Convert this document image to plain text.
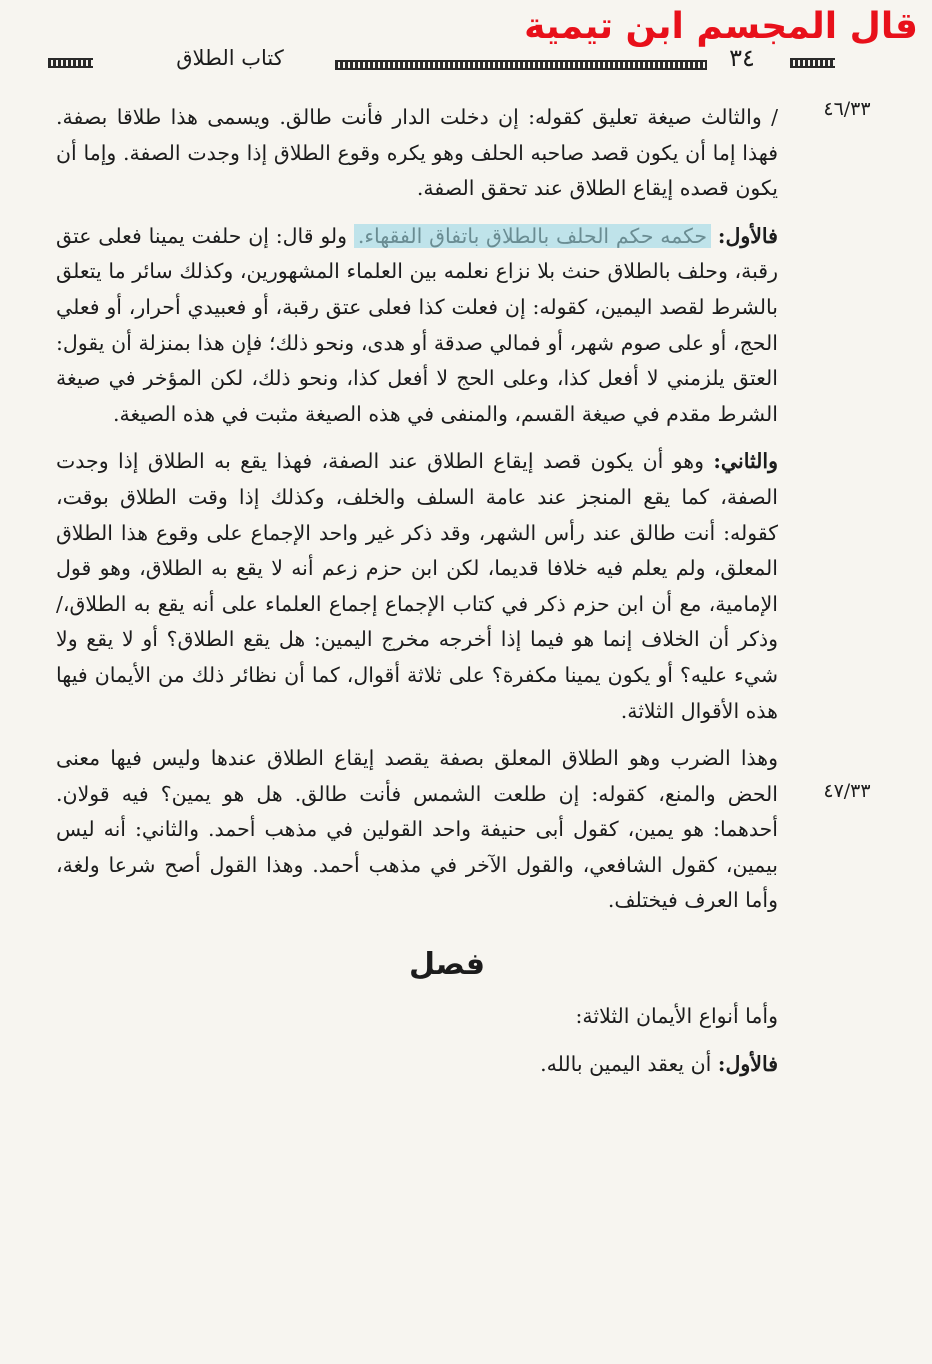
قال المجسم ابن تيمية
كتاب الطلاق	٣٤
٤٦/٣٣
٤٧/٣٣

/ والثالث صيغة تعليق كقوله: إن دخلت الدار فأنت طالق. ويسمى هذا طلاقا بصفة. فهذا إما أن يكون قصد صاحبه الحلف وهو يكره وقوع الطلاق إذا وجدت الصفة. وإما أن يكون قصده إيقاع الطلاق عند تحقق الصفة.

فالأول: حكمه حكم الحلف بالطلاق باتفاق الفقهاء. ولو قال: إن حلفت يمينا فعلى عتق رقبة، وحلف بالطلاق حنث بلا نزاع نعلمه بين العلماء المشهورين، وكذلك سائر ما يتعلق بالشرط لقصد اليمين، كقوله: إن فعلت كذا فعلى عتق رقبة، أو فعبيدي أحرار، أو فعلي الحج، أو على صوم شهر، أو فمالي صدقة أو هدى، ونحو ذلك؛ فإن هذا بمنزلة أن يقول: العتق يلزمني لا أفعل كذا، وعلى الحج لا أفعل كذا، ونحو ذلك، لكن المؤخر في صيغة الشرط مقدم في صيغة القسم، والمنفى في هذه الصيغة مثبت في هذه الصيغة.

والثاني: وهو أن يكون قصد إيقاع الطلاق عند الصفة، فهذا يقع به الطلاق إذا وجدت الصفة، كما يقع المنجز عند عامة السلف والخلف، وكذلك إذا وقت الطلاق بوقت، كقوله: أنت طالق عند رأس الشهر، وقد ذكر غير واحد الإجماع على وقوع هذا الطلاق المعلق، ولم يعلم فيه خلافا قديما، لكن ابن حزم زعم أنه لا يقع به الطلاق، وهو قول الإمامية، مع أن ابن حزم ذكر في كتاب الإجماع إجماع العلماء على أنه يقع به الطلاق،/ وذكر أن الخلاف إنما هو فيما إذا أخرجه مخرج اليمين: هل يقع الطلاق؟ أو لا يقع ولا شيء عليه؟ أو يكون يمينا مكفرة؟ على ثلاثة أقوال، كما أن نظائر ذلك من الأيمان فيها هذه الأقوال الثلاثة.

وهذا الضرب وهو الطلاق المعلق بصفة يقصد إيقاع الطلاق عندها وليس فيها معنى الحض والمنع، كقوله: إن طلعت الشمس فأنت طالق. هل هو يمين؟ فيه قولان. أحدهما: هو يمين، كقول أبى حنيفة واحد القولين في مذهب أحمد. والثاني: أنه ليس بيمين، كقول الشافعي، والقول الآخر في مذهب أحمد. وهذا القول أصح شرعا ولغة، وأما العرف فيختلف.

فصل

وأما أنواع الأيمان الثلاثة:

فالأول: أن يعقد اليمين بالله.
